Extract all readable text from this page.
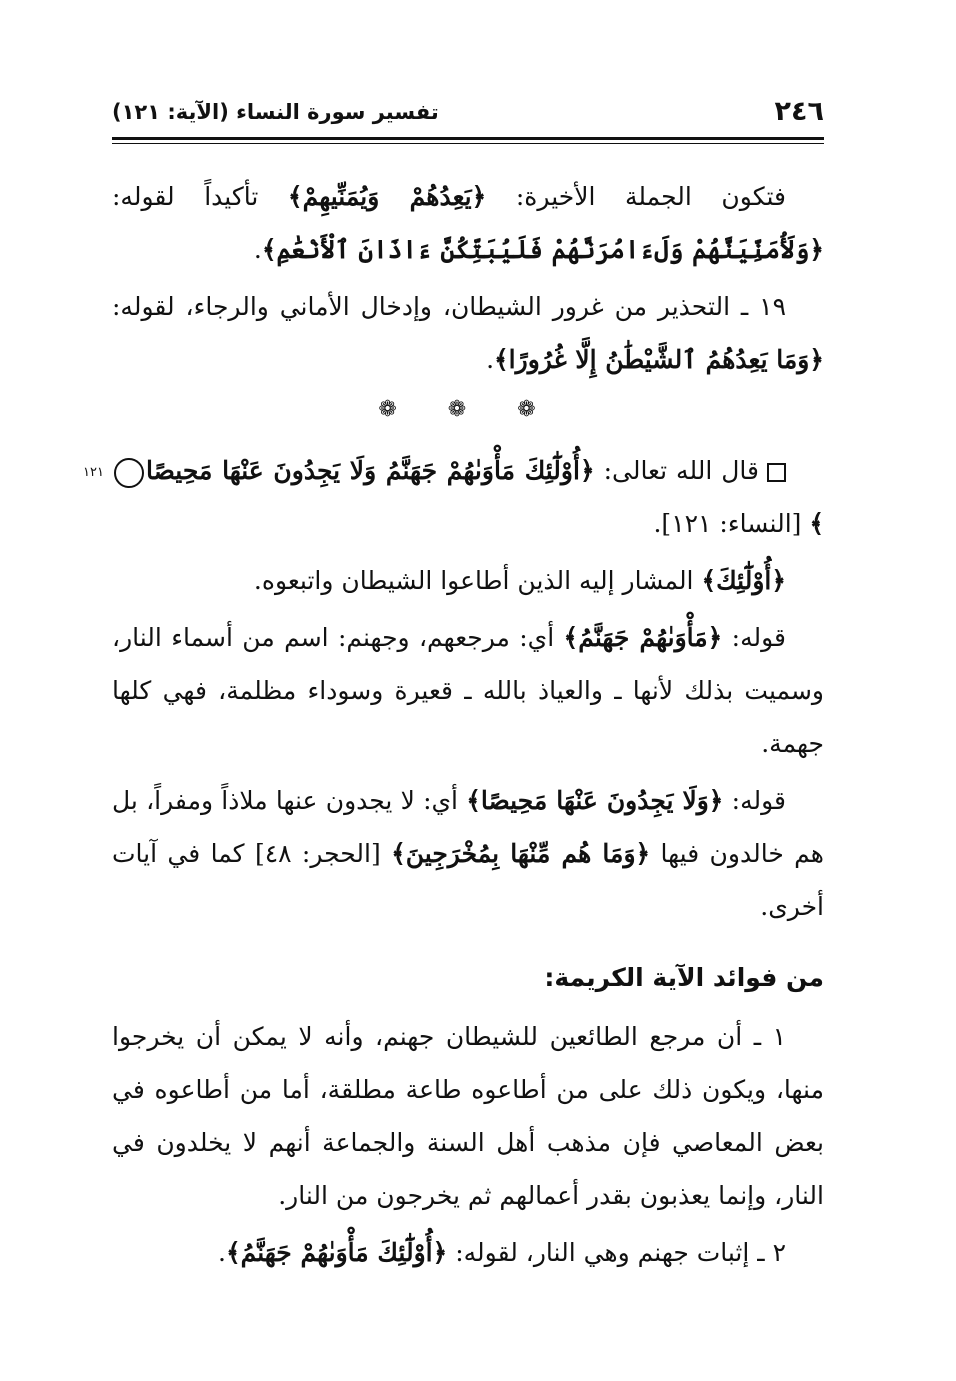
٢٤٦
تفسير سورة النساء (الآية: ١٢١)

فتكون الجملة الأخيرة: ﴿يَعِدُهُمْ وَيُمَنِّيهِمْ﴾ تأكيداً لقوله: ﴿وَلَأُمَنِّيَنَّهُمْ وَلَءَامُرَنَّهُمْ فَلَيُبَتِّكُنَّ ءَاذَانَ ٱلْأَنْعَٰمِ﴾.

١٩ ـ التحذير من غرور الشيطان، وإدخال الأماني والرجاء، لقوله: ﴿وَمَا يَعِدُهُمُ ٱلشَّيْطَٰنُ إِلَّا غُرُورًا﴾.

❁ ❁ ❁

قال الله تعالى: ﴿أُوْلَٰٓئِكَ مَأْوَىٰهُمْ جَهَنَّمُ وَلَا يَجِدُونَ عَنْهَا مَحِيصًا١٢١﴾ [النساء: ١٢١].

﴿أُوْلَٰٓئِكَ﴾ المشار إليه الذين أطاعوا الشيطان واتبعوه.

قوله: ﴿مَأْوَىٰهُمْ جَهَنَّمُ﴾ أي: مرجعهم، وجهنم: اسم من أسماء النار، وسميت بذلك لأنها ـ والعياذ بالله ـ قعيرة وسوداء مظلمة، فهي كلها جهمة.

قوله: ﴿وَلَا يَجِدُونَ عَنْهَا مَحِيصًا﴾ أي: لا يجدون عنها ملاذاً ومفراً، بل هم خالدون فيها ﴿وَمَا هُم مِّنْهَا بِمُخْرَجِينَ﴾ [الحجر: ٤٨] كما في آيات أخرى.

من فوائد الآية الكريمة:

١ ـ أن مرجع الطائعين للشيطان جهنم، وأنه لا يمكن أن يخرجوا منها، ويكون ذلك على من أطاعوه طاعة مطلقة، أما من أطاعوه في بعض المعاصي فإن مذهب أهل السنة والجماعة أنهم لا يخلدون في النار، وإنما يعذبون بقدر أعمالهم ثم يخرجون من النار.

٢ ـ إثبات جهنم وهي النار، لقوله: ﴿أُوْلَٰٓئِكَ مَأْوَىٰهُمْ جَهَنَّمُ﴾.
